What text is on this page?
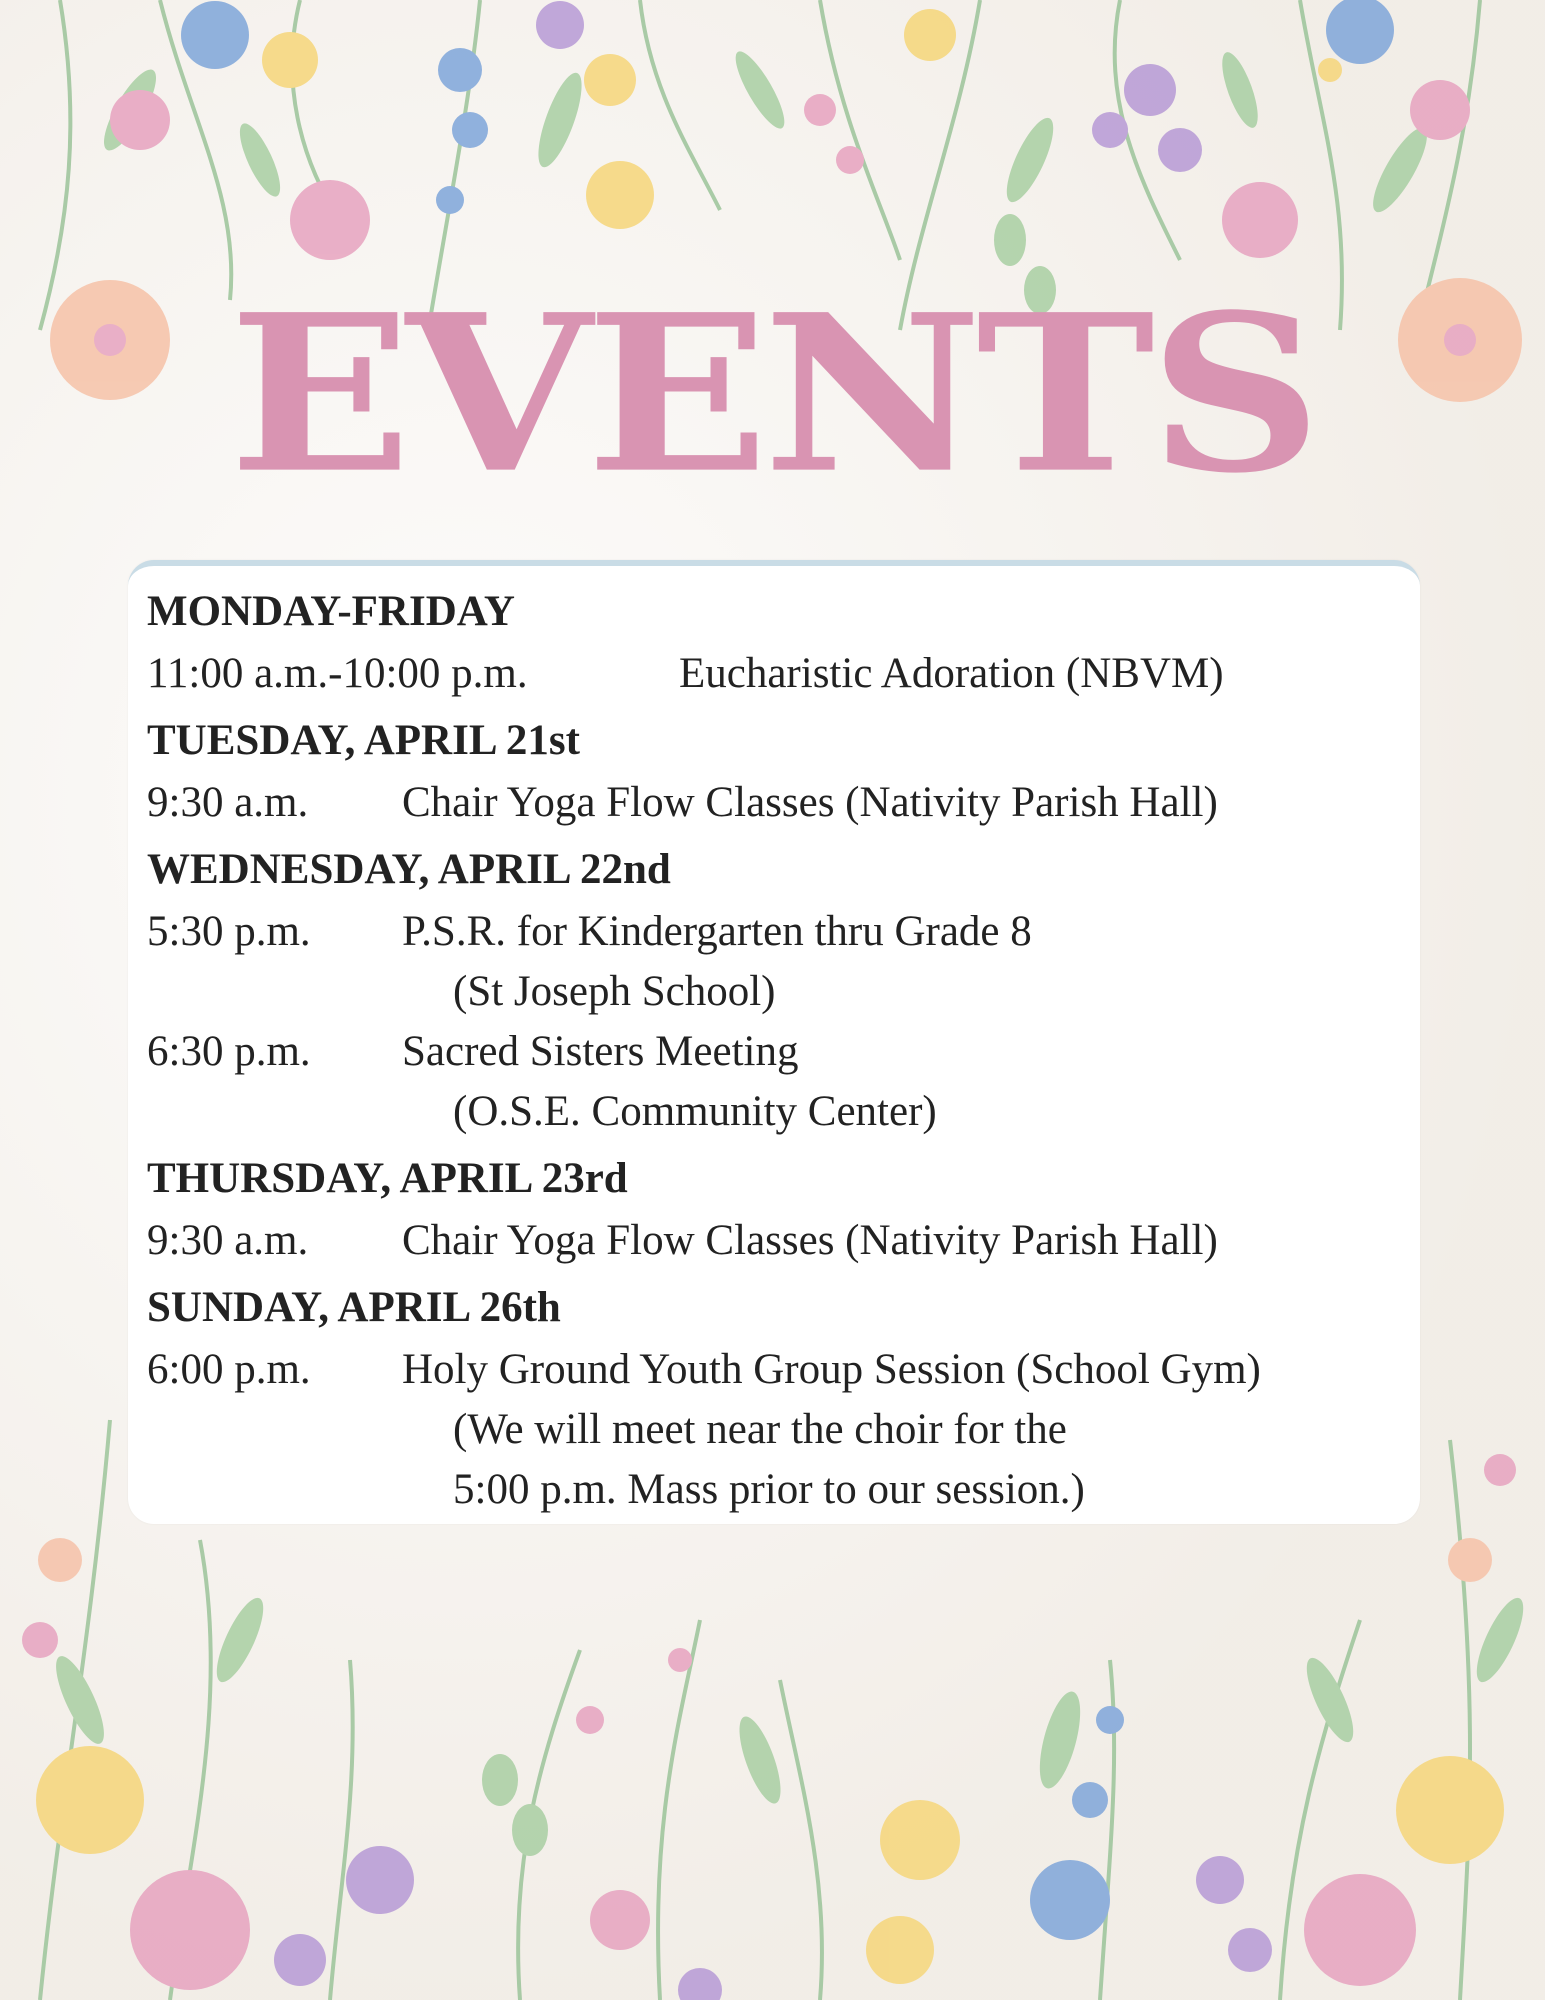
EVENTS
MONDAY-FRIDAY
11:00 a.m.-10:00 p.m.	Eucharistic Adoration (NBVM)
TUESDAY, APRIL 21st
9:30 a.m.	Chair Yoga Flow Classes (Nativity Parish Hall)
WEDNESDAY, APRIL 22nd
5:30 p.m.	P.S.R. for Kindergarten thru Grade 8
(St Joseph School)
6:30 p.m.	Sacred Sisters Meeting
(O.S.E. Community Center)
THURSDAY, APRIL 23rd
9:30 a.m.	Chair Yoga Flow Classes (Nativity Parish Hall)
SUNDAY, APRIL 26th
6:00 p.m.	Holy Ground Youth Group Session (School Gym)
(We will meet near the choir for the
5:00 p.m. Mass prior to our session.)
